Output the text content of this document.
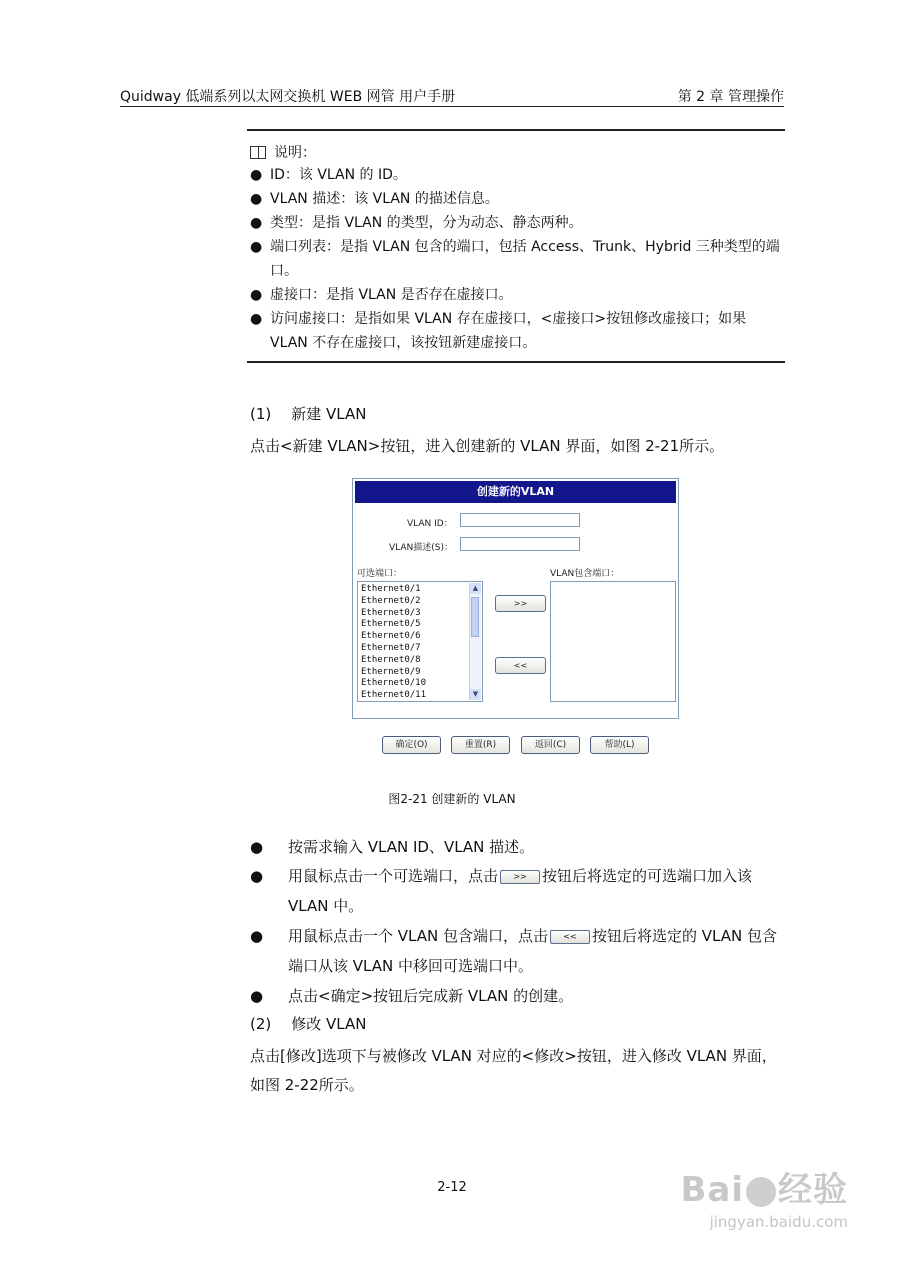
Quidway 低端系列以太网交换机 WEB 网管 用户手册	第 2 章 管理操作
说明：
● ID：该 VLAN 的 ID。
● VLAN 描述：该 VLAN 的描述信息。
● 类型：是指 VLAN 的类型，分为动态、静态两种。
● 端口列表：是指 VLAN 包含的端口，包括 Access、Trunk、Hybrid 三种类型的端口。
● 虚接口：是指 VLAN 是否存在虚接口。
● 访问虚接口：是指如果 VLAN 存在虚接口，<虚接口>按钮修改虚接口；如果 VLAN 不存在虚接口，该按钮新建虚接口。
(1) 新建 VLAN
点击<新建 VLAN>按钮，进入创建新的 VLAN 界面，如图 2-21所示。
创建新的VLAN
VLAN ID：
VLAN描述(S)：
可选端口：	VLAN包含端口：
Ethernet0/1
Ethernet0/2
Ethernet0/3
Ethernet0/5
Ethernet0/6
Ethernet0/7
Ethernet0/8
Ethernet0/9
Ethernet0/10
Ethernet0/11
▲
▼
>>
<<
确定(O)	重置(R)	返回(C)	帮助(L)
图2-21 创建新的 VLAN
●	按需求输入 VLAN ID、VLAN 描述。
●	用鼠标点击一个可选端口，点击 >> 按钮后将选定的可选端口加入该 VLAN 中。
●	用鼠标点击一个 VLAN 包含端口，点击 << 按钮后将选定的 VLAN 包含端口从该 VLAN 中移回可选端口中。
●	点击<确定>按钮后完成新 VLAN 的创建。
(2) 修改 VLAN
点击[修改]选项下与被修改 VLAN 对应的<修改>按钮，进入修改 VLAN 界面，如图 2-22所示。
2-12	Bai 经验
jingyan.baidu.com
